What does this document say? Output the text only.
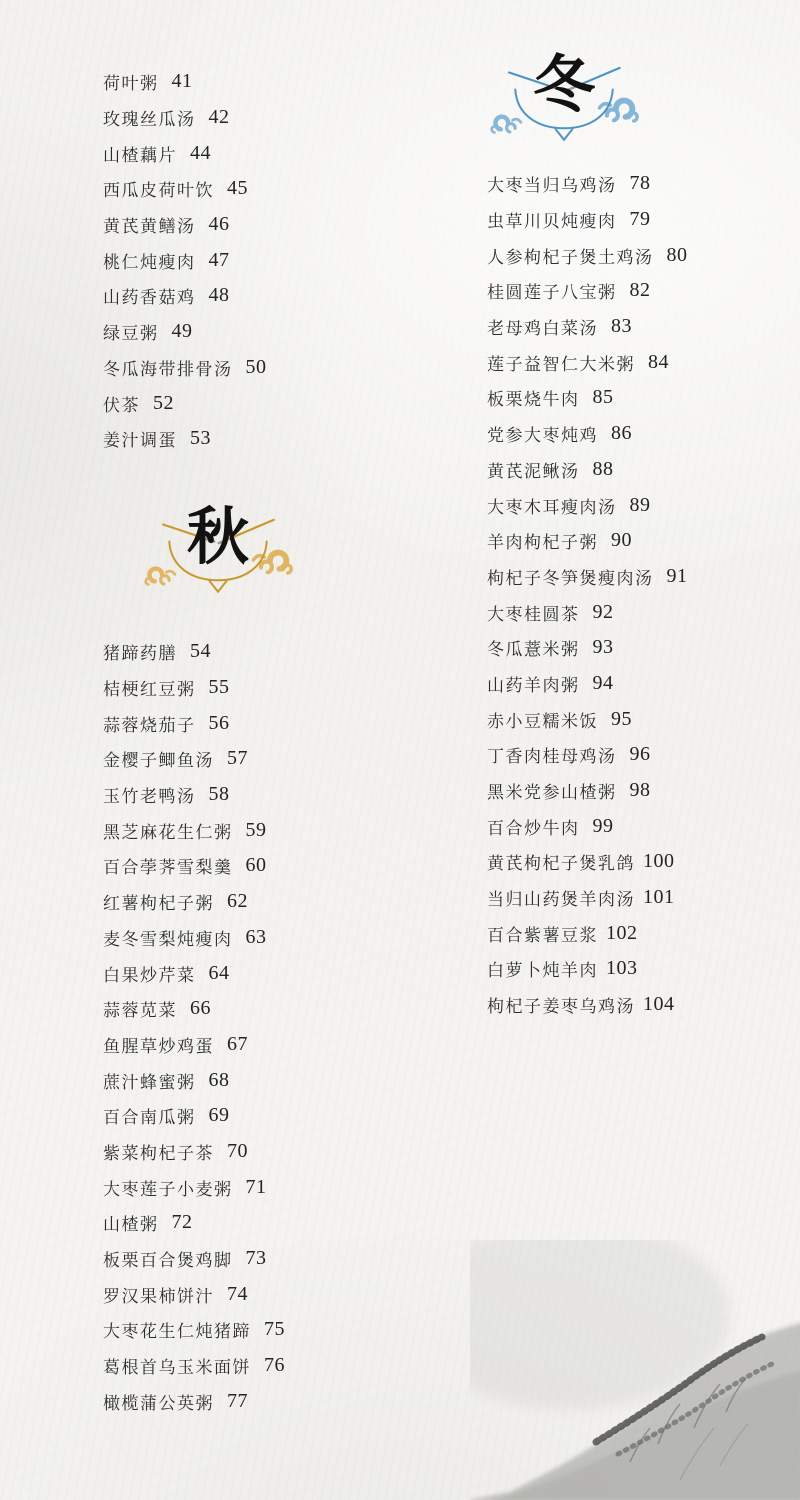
荷叶粥 41
玫瑰丝瓜汤 42
山楂藕片 44
西瓜皮荷叶饮 45
黄芪黄鳝汤 46
桃仁炖瘦肉 47
山药香菇鸡 48
绿豆粥 49
冬瓜海带排骨汤 50
伏茶 52
姜汁调蛋 53
秋
猪蹄药膳 54
桔梗红豆粥 55
蒜蓉烧茄子 56
金樱子鲫鱼汤 57
玉竹老鸭汤 58
黑芝麻花生仁粥 59
百合荸荠雪梨羹 60
红薯枸杞子粥 62
麦冬雪梨炖瘦肉 63
白果炒芹菜 64
蒜蓉苋菜 66
鱼腥草炒鸡蛋 67
蔗汁蜂蜜粥 68
百合南瓜粥 69
紫菜枸杞子茶 70
大枣莲子小麦粥 71
山楂粥 72
板栗百合煲鸡脚 73
罗汉果柿饼汁 74
大枣花生仁炖猪蹄 75
葛根首乌玉米面饼 76
橄榄蒲公英粥 77
冬
大枣当归乌鸡汤 78
虫草川贝炖瘦肉 79
人参枸杞子煲土鸡汤 80
桂圆莲子八宝粥 82
老母鸡白菜汤 83
莲子益智仁大米粥 84
板栗烧牛肉 85
党参大枣炖鸡 86
黄芪泥鳅汤 88
大枣木耳瘦肉汤 89
羊肉枸杞子粥 90
枸杞子冬笋煲瘦肉汤 91
大枣桂圆茶 92
冬瓜薏米粥 93
山药羊肉粥 94
赤小豆糯米饭 95
丁香肉桂母鸡汤 96
黑米党参山楂粥 98
百合炒牛肉 99
黄芪枸杞子煲乳鸽 100
当归山药煲羊肉汤 101
百合紫薯豆浆 102
白萝卜炖羊肉 103
枸杞子姜枣乌鸡汤 104
